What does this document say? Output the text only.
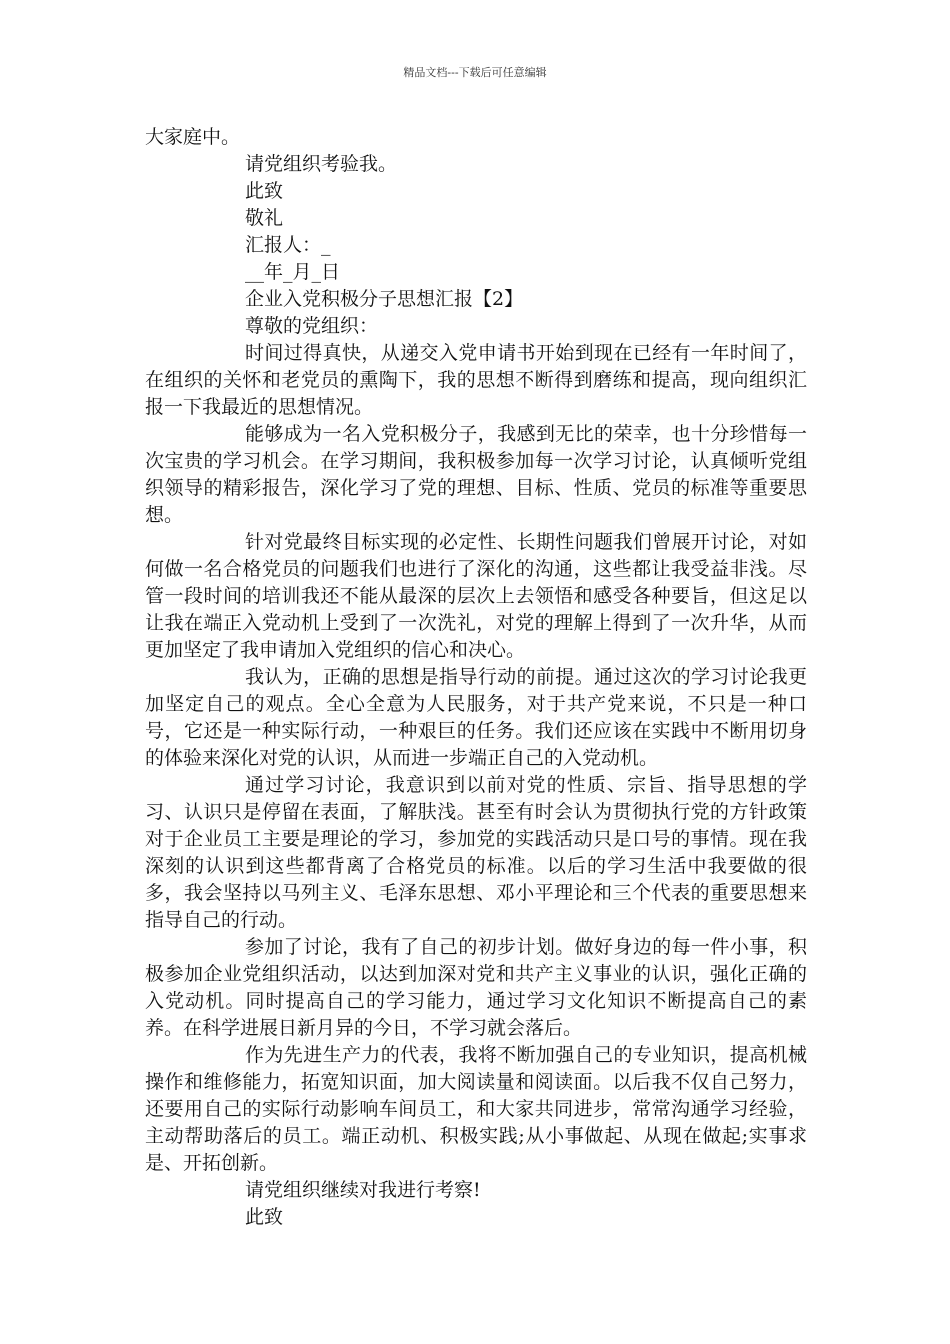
精品文档---下载后可任意编辑
大家庭中。
请党组织考验我。
此致
敬礼
汇报人：_
__年_月_日
企业入党积极分子思想汇报【2】
尊敬的党组织：

时间过得真快，从递交入党申请书开始到现在已经有一年时间了，在组织的关怀和老党员的熏陶下，我的思想不断得到磨练和提高，现向组织汇报一下我最近的思想情况。

能够成为一名入党积极分子，我感到无比的荣幸，也十分珍惜每一次宝贵的学习机会。在学习期间，我积极参加每一次学习讨论，认真倾听党组织领导的精彩报告，深化学习了党的理想、目标、性质、党员的标准等重要思想。

针对党最终目标实现的必定性、长期性问题我们曾展开讨论，对如何做一名合格党员的问题我们也进行了深化的沟通，这些都让我受益非浅。尽管一段时间的培训我还不能从最深的层次上去领悟和感受各种要旨，但这足以让我在端正入党动机上受到了一次洗礼，对党的理解上得到了一次升华，从而更加坚定了我申请加入党组织的信心和决心。

我认为，正确的思想是指导行动的前提。通过这次的学习讨论我更加坚定自己的观点。全心全意为人民服务，对于共产党来说，不只是一种口号，它还是一种实际行动，一种艰巨的任务。我们还应该在实践中不断用切身的体验来深化对党的认识，从而进一步端正自己的入党动机。

通过学习讨论，我意识到以前对党的性质、宗旨、指导思想的学习、认识只是停留在表面，了解肤浅。甚至有时会认为贯彻执行党的方针政策对于企业员工主要是理论的学习，参加党的实践活动只是口号的事情。现在我深刻的认识到这些都背离了合格党员的标准。以后的学习生活中我要做的很多，我会坚持以马列主义、毛泽东思想、邓小平理论和三个代表的重要思想来指导自己的行动。

参加了讨论，我有了自己的初步计划。做好身边的每一件小事，积极参加企业党组织活动，以达到加深对党和共产主义事业的认识，强化正确的入党动机。同时提高自己的学习能力，通过学习文化知识不断提高自己的素养。在科学进展日新月异的今日，不学习就会落后。

作为先进生产力的代表，我将不断加强自己的专业知识，提高机械操作和维修能力，拓宽知识面，加大阅读量和阅读面。以后我不仅自己努力，还要用自己的实际行动影响车间员工，和大家共同进步，常常沟通学习经验，主动帮助落后的员工。端正动机、积极实践;从小事做起、从现在做起;实事求是、开拓创新。

请党组织继续对我进行考察!
此致
